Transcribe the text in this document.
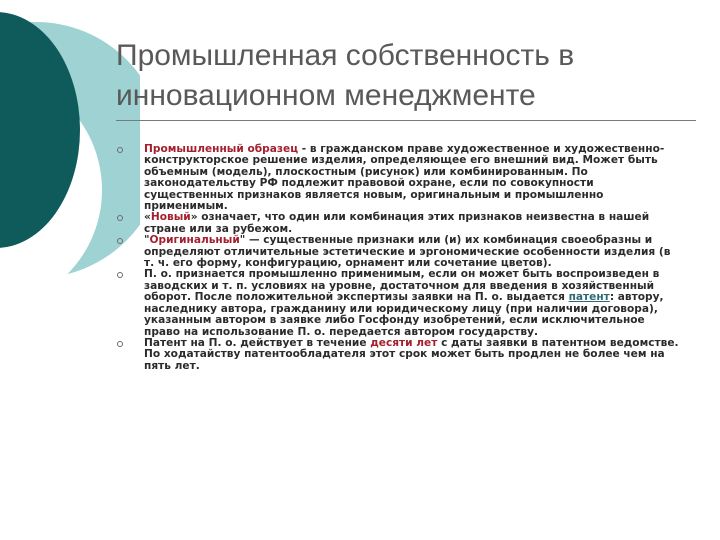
Промышленная собственность в
инновационном менеджменте

Промышленный образец - в гражданском праве художественное и художественно-конструкторское решение изделия, определяющее его внешний вид. Может быть объемным (модель), плоскостным (рисунок) или комбинированным. По законодательству РФ подлежит правовой охране, если по совокупности существенных признаков является новым, оригинальным и промышленно применимым.

«Новый» означает, что один или комбинация этих признаков неизвестна в нашей стране или за рубежом.

"Оригинальный" — существенные признаки или (и) их комбинация своеобразны и определяют отличительные эстетические и эргономические особенности изделия (в т. ч. его форму, конфигурацию, орнамент или сочетание цветов).

П. о. признается промышленно применимым, если он может быть воспроизведен в заводских и т. п. условиях на уровне, достаточном для введения в хозяйственный оборот. После положительной экспертизы заявки на П. о. выдается патент: автору, наследнику автора, гражданину или юридическому лицу (при наличии договора), указанным автором в заявке либо Госфонду изобретений, если исключительное право на использование П. о. передается автором государству.

Патент на П. о. действует в течение десяти лет с даты заявки в патентном ведомстве. По ходатайству патентообладателя этот срок может быть продлен не более чем на пять лет.
